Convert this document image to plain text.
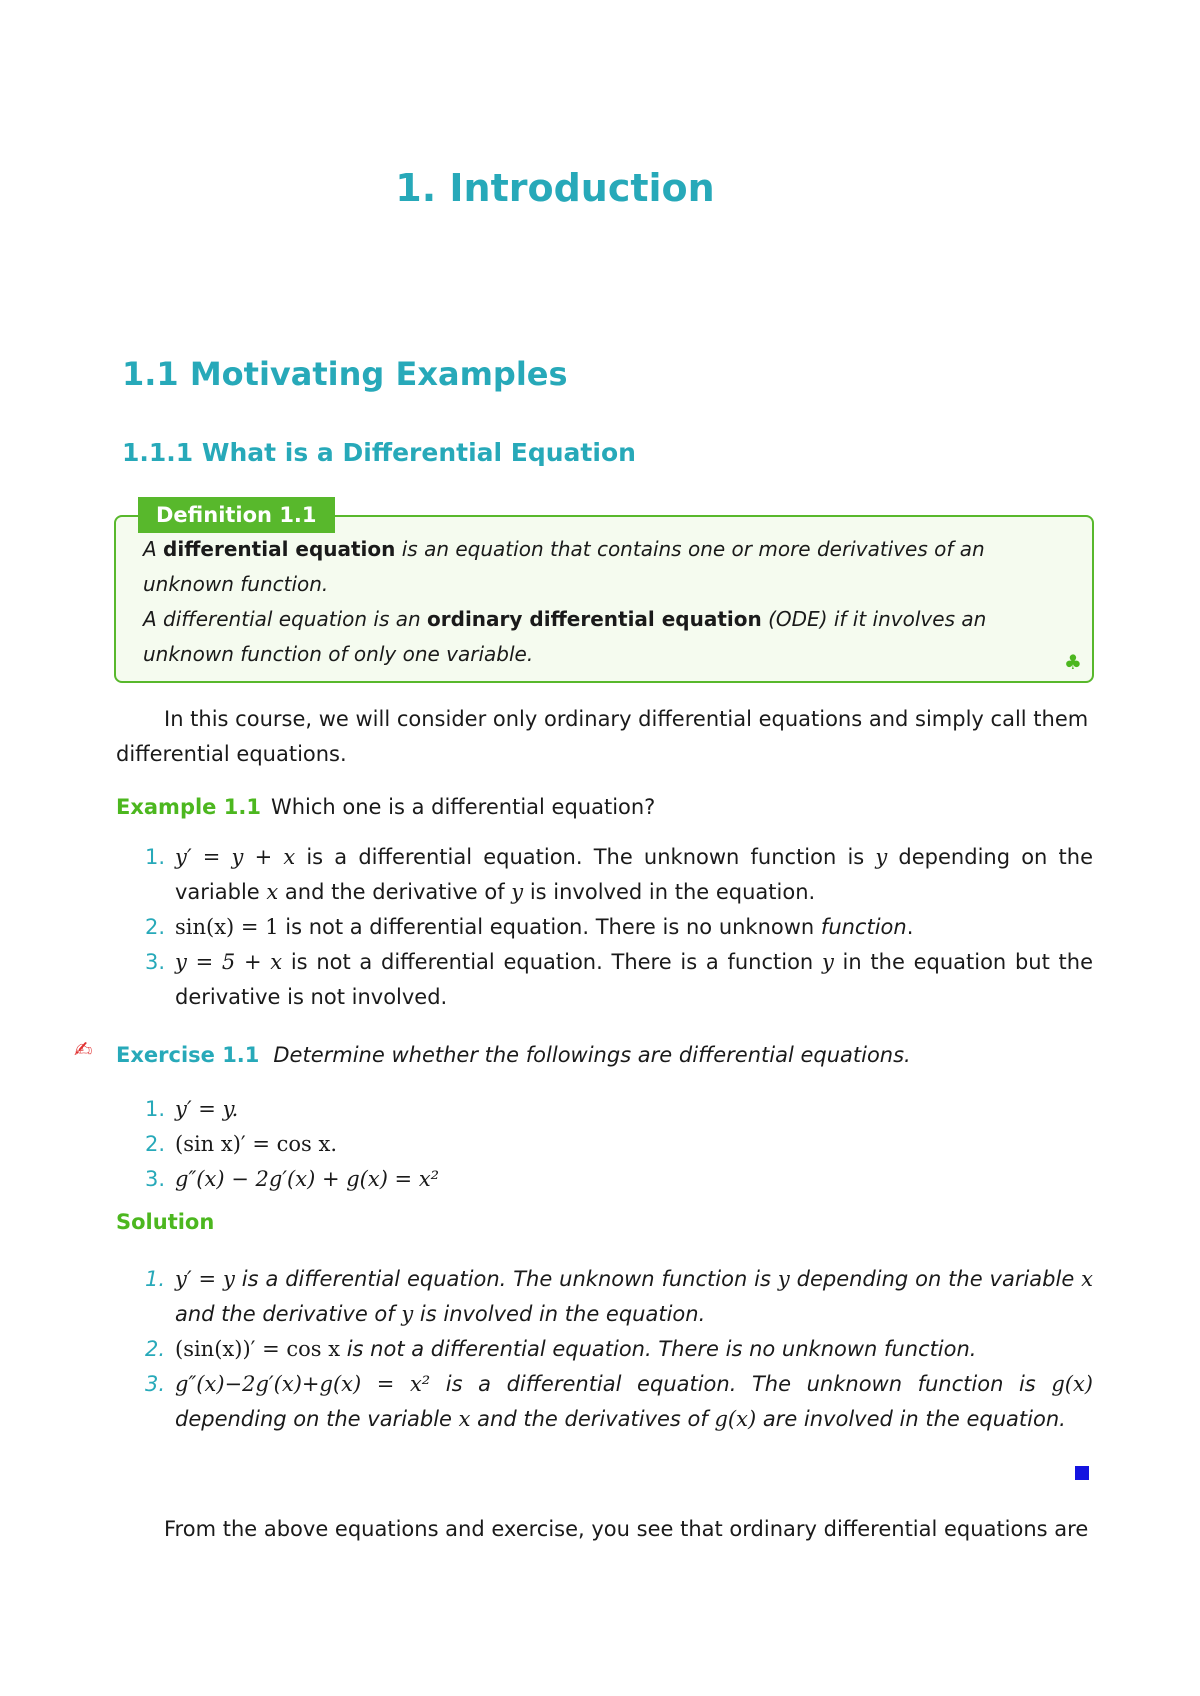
1. Introduction
1.1 Motivating Examples
1.1.1 What is a Differential Equation
Definition 1.1
A differential equation is an equation that contains one or more derivatives of an unknown function.
A differential equation is an ordinary differential equation (ODE) if it involves an unknown function of only one variable.	♣
In this course, we will consider only ordinary differential equations and simply call them differential equations.
Example 1.1 Which one is a differential equation?
1. y′ = y + x is a differential equation. The unknown function is y depending on the variable x and the derivative of y is involved in the equation.
2. sin(x) = 1 is not a differential equation. There is no unknown function.
3. y = 5 + x is not a differential equation. There is a function y in the equation but the derivative is not involved.
✍ Exercise 1.1 Determine whether the followings are differential equations.
1. y′ = y.
2. (sin x)′ = cos x.
3. g″(x) − 2g′(x) + g(x) = x²
Solution
1. y′ = y is a differential equation. The unknown function is y depending on the variable x and the derivative of y is involved in the equation.
2. (sin(x))′ = cos x is not a differential equation. There is no unknown function.
3. g″(x)−2g′(x)+g(x) = x² is a differential equation. The unknown function is g(x) depending on the variable x and the derivatives of g(x) are involved in the equation.
From the above equations and exercise, you see that ordinary differential equations are
